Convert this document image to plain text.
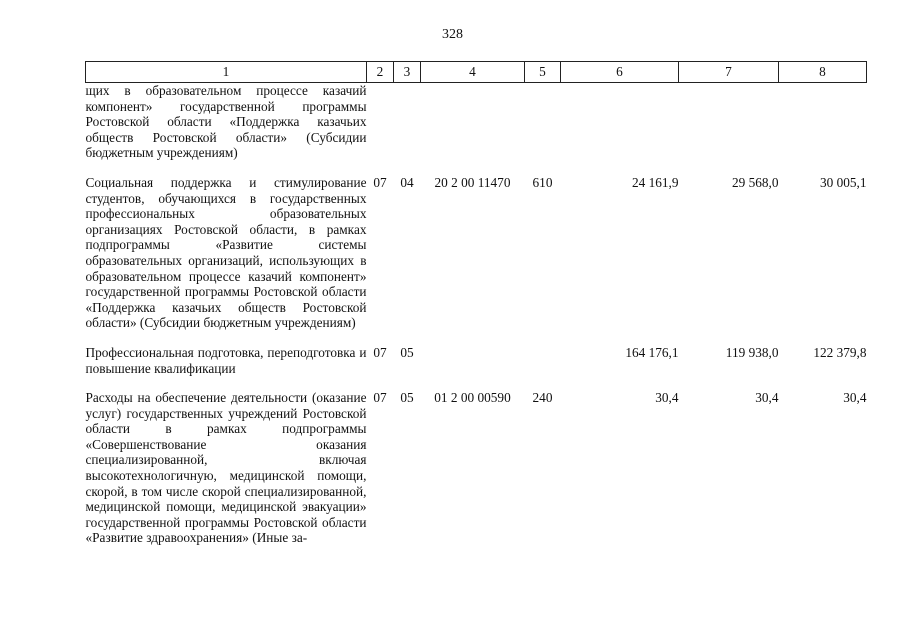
328
1	2	3	4	5	6	7	8
щих в образовательном процессе казачий компонент» государственной программы Ростовской области «Поддержка казачьих обществ Ростовской области» (Субсидии бюджетным учреждениям)							

Социальная поддержка и стимулирование студентов, обучающихся в государственных профессиональных образовательных организациях Ростовской области, в рамках подпрограммы «Развитие системы образовательных организаций, использующих в образовательном процессе казачий компонент» государственной программы Ростовской области «Поддержка казачьих обществ Ростовской области» (Субсидии бюджетным учреждениям)	07	04	20 2 00 11470	610	24 161,9	29 568,0	30 005,1

Профессиональная подготовка, переподготовка и повышение квалификации	07	05			164 176,1	119 938,0	122 379,8

Расходы на обеспечение деятельности (оказание услуг) государственных учреждений Ростовской области в рамках подпрограммы «Совершенствование оказания специализированной, включая высокотехнологичную, медицинской помощи, скорой, в том числе скорой специализированной, медицинской помощи, медицинской эвакуации» государственной программы Ростовской области «Развитие здравоохранения» (Иные за-	07	05	01 2 00 00590	240	30,4	30,4	30,4
